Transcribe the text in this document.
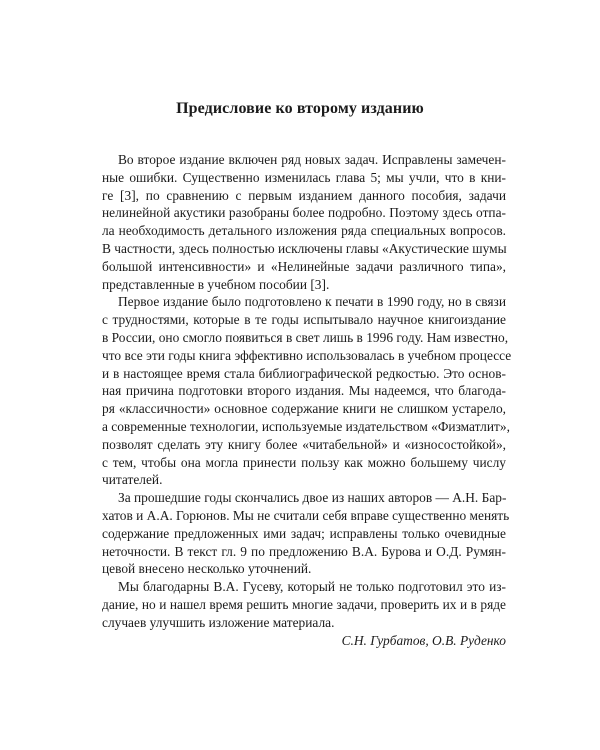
Предисловие ко второму изданию
Во второе издание включен ряд новых задач. Исправлены замечен-
ные ошибки. Существенно изменилась глава 5; мы учли, что в кни-
ге [3], по сравнению с первым изданием данного пособия, задачи
нелинейной акустики разобраны более подробно. Поэтому здесь отпа-
ла необходимость детального изложения ряда специальных вопросов.
В частности, здесь полностью исключены главы «Акустические шумы
большой интенсивности» и «Нелинейные задачи различного типа»,
представленные в учебном пособии [3].
Первое издание было подготовлено к печати в 1990 году, но в связи
с трудностями, которые в те годы испытывало научное книгоиздание
в России, оно смогло появиться в свет лишь в 1996 году. Нам известно,
что все эти годы книга эффективно использовалась в учебном процессе
и в настоящее время стала библиографической редкостью. Это основ-
ная причина подготовки второго издания. Мы надеемся, что благода-
ря «классичности» основное содержание книги не слишком устарело,
а современные технологии, используемые издательством «Физматлит»,
позволят сделать эту книгу более «читабельной» и «износостойкой»,
с тем, чтобы она могла принести пользу как можно большему числу
читателей.
За прошедшие годы скончались двое из наших авторов — А.Н. Бар-
хатов и А.А. Горюнов. Мы не считали себя вправе существенно менять
содержание предложенных ими задач; исправлены только очевидные
неточности. В текст гл. 9 по предложению В.А. Бурова и О.Д. Румян-
цевой внесено несколько уточнений.
Мы благодарны В.А. Гусеву, который не только подготовил это из-
дание, но и нашел время решить многие задачи, проверить их и в ряде
случаев улучшить изложение материала.
С.Н. Гурбатов, О.В. Руденко
